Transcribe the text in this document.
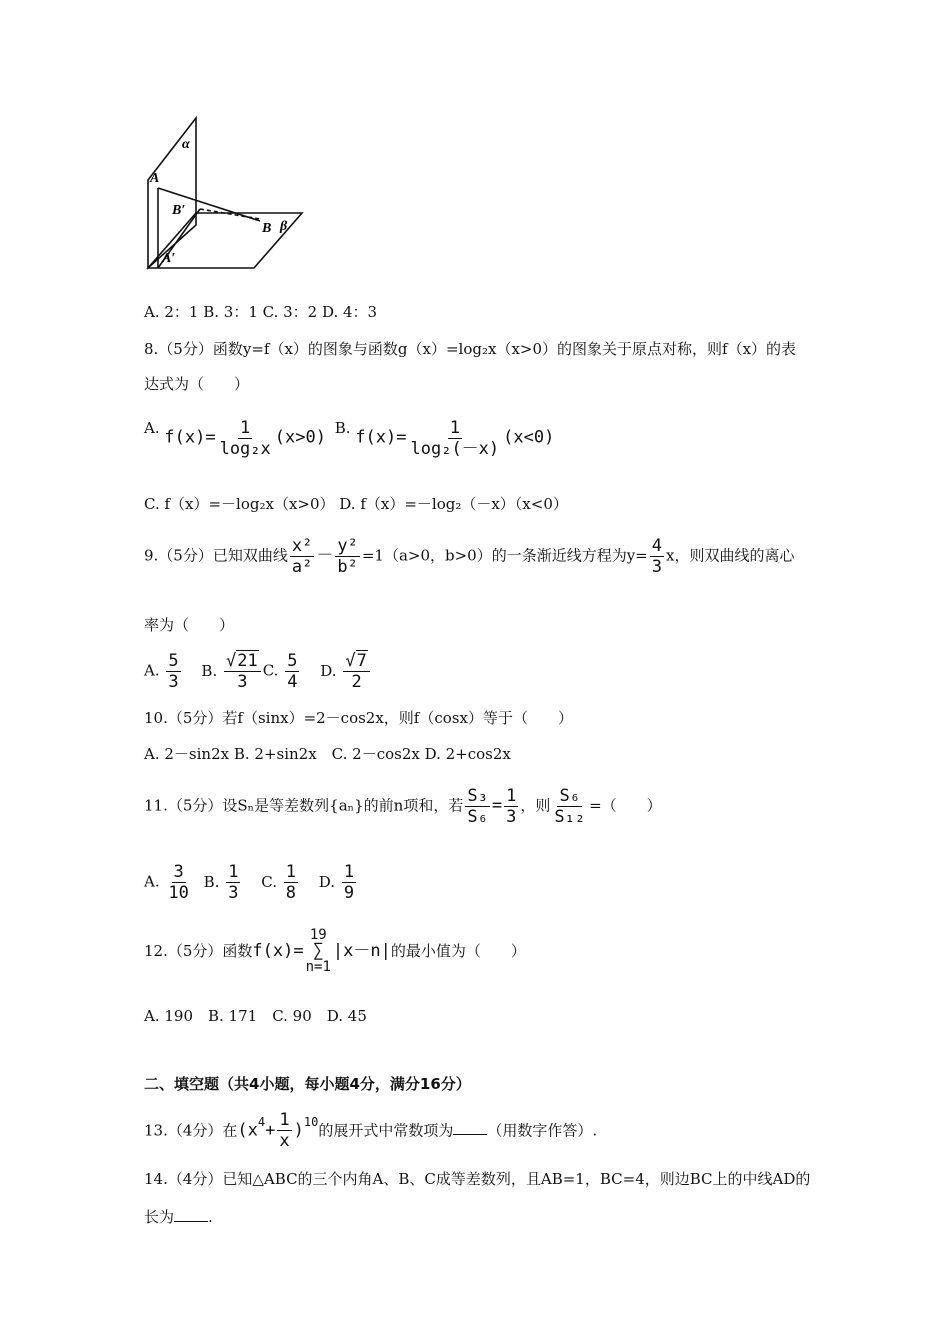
α
A
B′
B β
A′
A. 2：1 B. 3：1 C. 3：2 D. 4：3
8.（5分）函数y=f（x）的图象与函数g（x）=log₂x（x>0）的图象关于原点对称，则f（x）的表
达式为（　　）
A. $f(x)= \frac{1}{\text{log₂x}} (x>0)$ B. $f(x)= \frac{1}{\text{log₂(－x)}} (x<0)$
C. f（x）=－log₂x（x>0） D. f（x）=－log₂（－x）（x<0）
9.（5分）已知双曲线 $\frac{\text{x²}}{\text{a²}} - \frac{\text{y²}}{\text{b²}} =1(a>0$，b>0）的一条渐近线方程为$y= \frac{4}{3}$ x，则双曲线的离心
率为（　　）
A. $\frac{5}{3} B$. $\frac{√21}{3} C$. $\frac{5}{4} D$. $\frac{√7}{2}$
10.（5分）若f（sinx）=2－cos2x，则f（cosx）等于（　　）
A. 2－sin2x B. 2+sin2x　C. 2－cos2x D. 2+cos2x
11.（5分）设Sₙ是等差数列{aₙ}的前n项和，若 $\frac{\text{S₃}}{\text{S₆}} = \frac{1}{3}$ ，则 $\frac{\text{S₆}}{\text{S₁₂}}$ =（　　）
A. $\frac{3}{10} B$. $\frac{1}{3} C$. $\frac{1}{8} D$. $\frac{1}{9}$
12.（5分）函数f(x)=
19
∑
n=1
|x－n|的最小值为（　　）
A. 190　B. 171　C. 90　D. 45
二、填空题（共4小题，每小题4分，满分16分）
13.（4分）在$(x^4+ \frac{1}{x} )^{10}$的展开式中常数项为 （用数字作答）.
14.（4分）已知△ABC的三个内角A、B、C成等差数列，且AB=1，BC=4，则边BC上的中线AD的
长为 .
